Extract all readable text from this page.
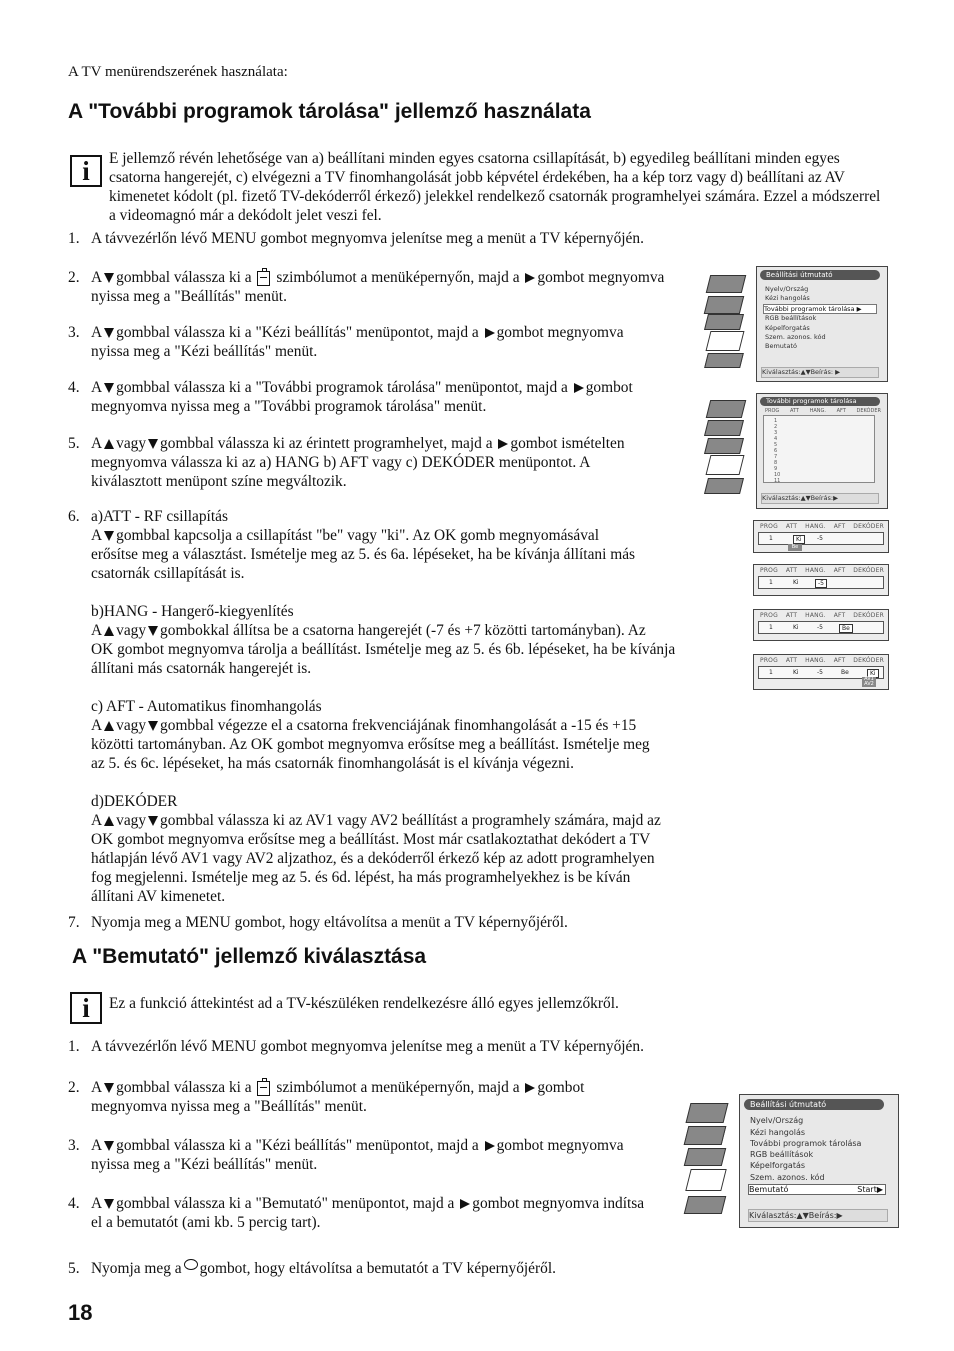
A TV menürendszerének használata:
A "További programok tárolása" jellemző használata
i E jellemző révén lehetősége van a) beállítani minden egyes csatorna csillapítását, b) egyedileg beállítani minden egyes csatorna hangerejét, c) elvégezni a TV finomhangolását jobb képvétel érdekében, ha a kép torz vagy d) beállítani az AV kimenetet kódolt (pl. fizető TV-dekóderről érkező) jelekkel rendelkező csatornák programhelyei számára. Ezzel a módszerrel a videomagnó már a dekódolt jelet veszi fel.
1. A távvezérlőn lévő MENU gombot megnyomva jelenítse meg a menüt a TV képernyőjén.
2. A gombbal válassza ki a szimbólumot a menüképernyőn, majd a gombot megnyomva
nyissa meg a "Beállítás" menüt.
3. A gombbal válassza ki a "Kézi beállítás" menüpontot, majd a gombot megnyomva
nyissa meg a "Kézi beállítás" menüt.
4. A gombbal válassza ki a "További programok tárolása" menüpontot, majd a gombot
megnyomva nyissa meg a "További programok tárolása" menüt.
5. A vagy gombbal válassza ki az érintett programhelyet, majd a gombot ismételten
megnyomva válassza ki az a) HANG b) AFT vagy c) DEKÓDER menüpontot. A
kiválasztott menüpont színe megváltozik.
6. a)ATT - RF csillapítás
A gombbal kapcsolja a csillapítást "be" vagy "ki". Az OK gomb megnyomásával
erősítse meg a választást. Ismételje meg az 5. és 6a. lépéseket, ha be kívánja állítani más
csatornák csillapítását is.

b)HANG - Hangerő-kiegyenlítés
A vagy gombokkal állítsa be a csatorna hangerejét (-7 és +7 közötti tartományban). Az
OK gombot megnyomva tárolja a beállítást. Ismételje meg az 5. és 6b. lépéseket, ha be kívánja
állítani más csatornák hangerejét is.

c) AFT - Automatikus finomhangolás
A vagy gombbal végezze el a csatorna frekvenciájának finomhangolását a -15 és +15
közötti tartományban. Az OK gombot megnyomva erősítse meg a beállítást. Ismételje meg
az 5. és 6c. lépéseket, ha más csatornák finomhangolását is el kívánja végezni.

d)DEKÓDER
A vagy gombbal válassza ki az AV1 vagy AV2 beállítást a programhely számára, majd az
OK gombot megnyomva erősítse meg a beállítást. Most már csatlakoztathat dekódert a TV
hátlapján lévő AV1 vagy AV2 aljzathoz, és a dekóderről érkező kép az adott programhelyen
fog megjelenni. Ismételje meg az 5. és 6d. lépést, ha más programhelyekhez is be kíván
állítani AV kimenetet.
7. Nyomja meg a MENU gombot, hogy eltávolítsa a menüt a TV képernyőjéről.
A "Bemutató" jellemző kiválasztása
i Ez a funkció áttekintést ad a TV-készüléken rendelkezésre álló egyes jellemzőkről.
1. A távvezérlőn lévő MENU gombot megnyomva jelenítse meg a menüt a TV képernyőjén.
2. A gombbal válassza ki a szimbólumot a menüképernyőn, majd a gombot
megnyomva nyissa meg a "Beállítás" menüt.
3. A gombbal válassza ki a "Kézi beállítás" menüpontot, majd a gombot megnyomva
nyissa meg a "Kézi beállítás" menüt.
4. A gombbal válassza ki a "Bemutató" menüpontot, majd a gombot megnyomva indítsa
el a bemutatót (ami kb. 5 percig tart).
5. Nyomja meg a gombot, hogy eltávolítsa a bemutatót a TV képernyőjéről.
18
Beállítási útmutató
Nyelv/Ország
Kézi hangolás
További programok tárolása ▶
RGB beállítások
Képelforgatás
Szem. azonos. kód
Bemutató
Kiválasztás:▲▼Beírás: ▶
További programok tárolása
PROG ATT HANG. AFT DEKÓDER
1
2
3
4
5
6
7
8
9
10
11
Kiválasztás:▲▼Beírás:▶
PROG ATT HANG. AFT DEKÓDER
1	Ki	-5
Be
PROG ATT HANG. AFT DEKÓDER
1	Ki	-5
PROG ATT HANG. AFT DEKÓDER
1	Ki	-5	Be
PROG ATT HANG. AFT DEKÓDER
1	Ki	-5	Be	Ki
AV1
AV2
Beállítási útmutató
Nyelv/Ország
Kézi hangolás
További programok tárolása
RGB beállítások
Képelforgatás
Szem. azonos. kód
Bemutató	Start▶
Kiválasztás:▲▼Beírás:▶
